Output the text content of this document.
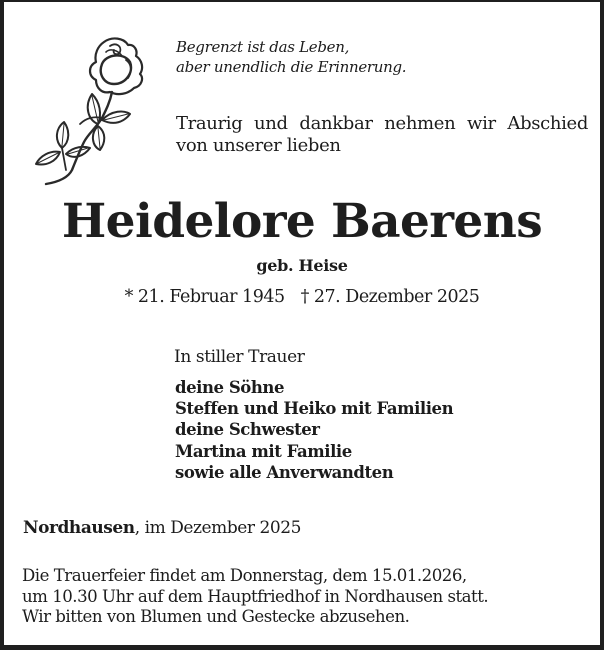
Begrenzt ist das Leben,
aber unendlich die Erinnerung.
Traurig und dankbar nehmen wir Abschied
von unserer lieben
Heidelore Baerens
geb. Heise
* 21. Februar 1945 † 27. Dezember 2025
In stiller Trauer
deine Söhne
Steffen und Heiko mit Familien
deine Schwester
Martina mit Familie
sowie alle Anverwandten
Nordhausen, im Dezember 2025
Die Trauerfeier findet am Donnerstag, dem 15.01.2026,
um 10.30 Uhr auf dem Hauptfriedhof in Nordhausen statt.
Wir bitten von Blumen und Gestecke abzusehen.
